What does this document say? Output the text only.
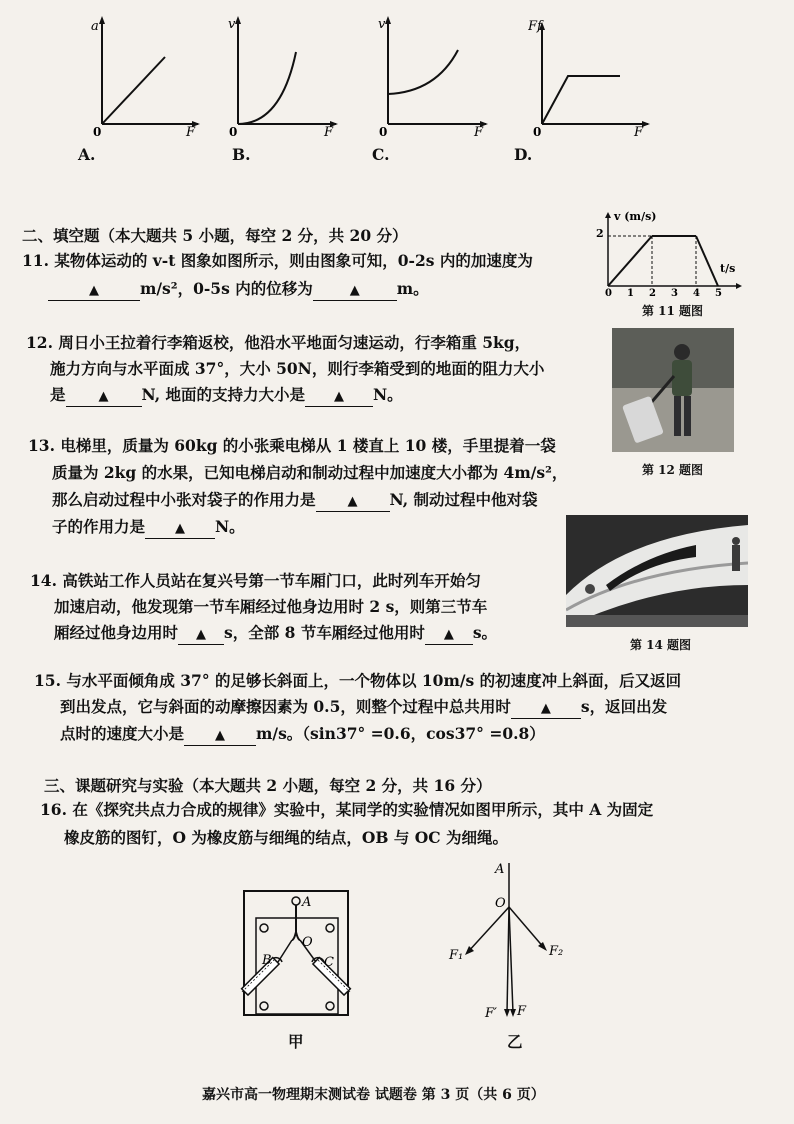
a
0	F
A.
v
0	F
B.
v
0	F
C.
Ff
0	F
D.
二、填空题（本大题共 5 小题，每空 2 分，共 20 分）
11. 某物体运动的 v-t 图象如图所示，则由图象可知，0-2s 内的加速度为
▲	m/s²，0-5s 内的位移为	▲ m。
v (m/s)
t/s
2
0 1 2 3 4 5
第 11 题图
12. 周日小王拉着行李箱返校，他沿水平地面匀速运动，行李箱重 5kg，
施力方向与水平面成 37°，大小 50N，则行李箱受到的地面的阻力大小
是	▲ N, 地面的支持力大小是 ▲ N。
第 12 题图
13. 电梯里，质量为 60kg 的小张乘电梯从 1 楼直上 10 楼，手里提着一袋
质量为 2kg 的水果，已知电梯启动和制动过程中加速度大小都为 4m/s²，
那么启动过程中小张对袋子的作用力是 ▲ N, 制动过程中他对袋
子的作用力是 ▲ N。
第 14 题图
14. 高铁站工作人员站在复兴号第一节车厢门口，此时列车开始匀
加速启动，他发现第一节车厢经过他身边用时 2 s，则第三节车
厢经过他身边用时 ▲ s，全部 8 节车厢经过他用时 ▲ s。
15. 与水平面倾角成 37° 的足够长斜面上，一个物体以 10m/s 的初速度冲上斜面，后又返回
到出发点，它与斜面的动摩擦因素为 0.5，则整个过程中总共用时 ▲ s，返回出发
点时的速度大小是 ▲ m/s。（sin37° =0.6，cos37° =0.8）
三、课题研究与实验（本大题共 2 小题，每空 2 分，共 16 分）
16. 在《探究共点力合成的规律》实验中，某同学的实验情况如图甲所示，其中 A 为固定
橡皮筋的图钉，O 为橡皮筋与细绳的结点，OB 与 OC 为细绳。
A
O
B	C
甲
A
O
F₁	F₂
F′ F
乙
嘉兴市高一物理期末测试卷 试题卷 第 3 页（共 6 页）
